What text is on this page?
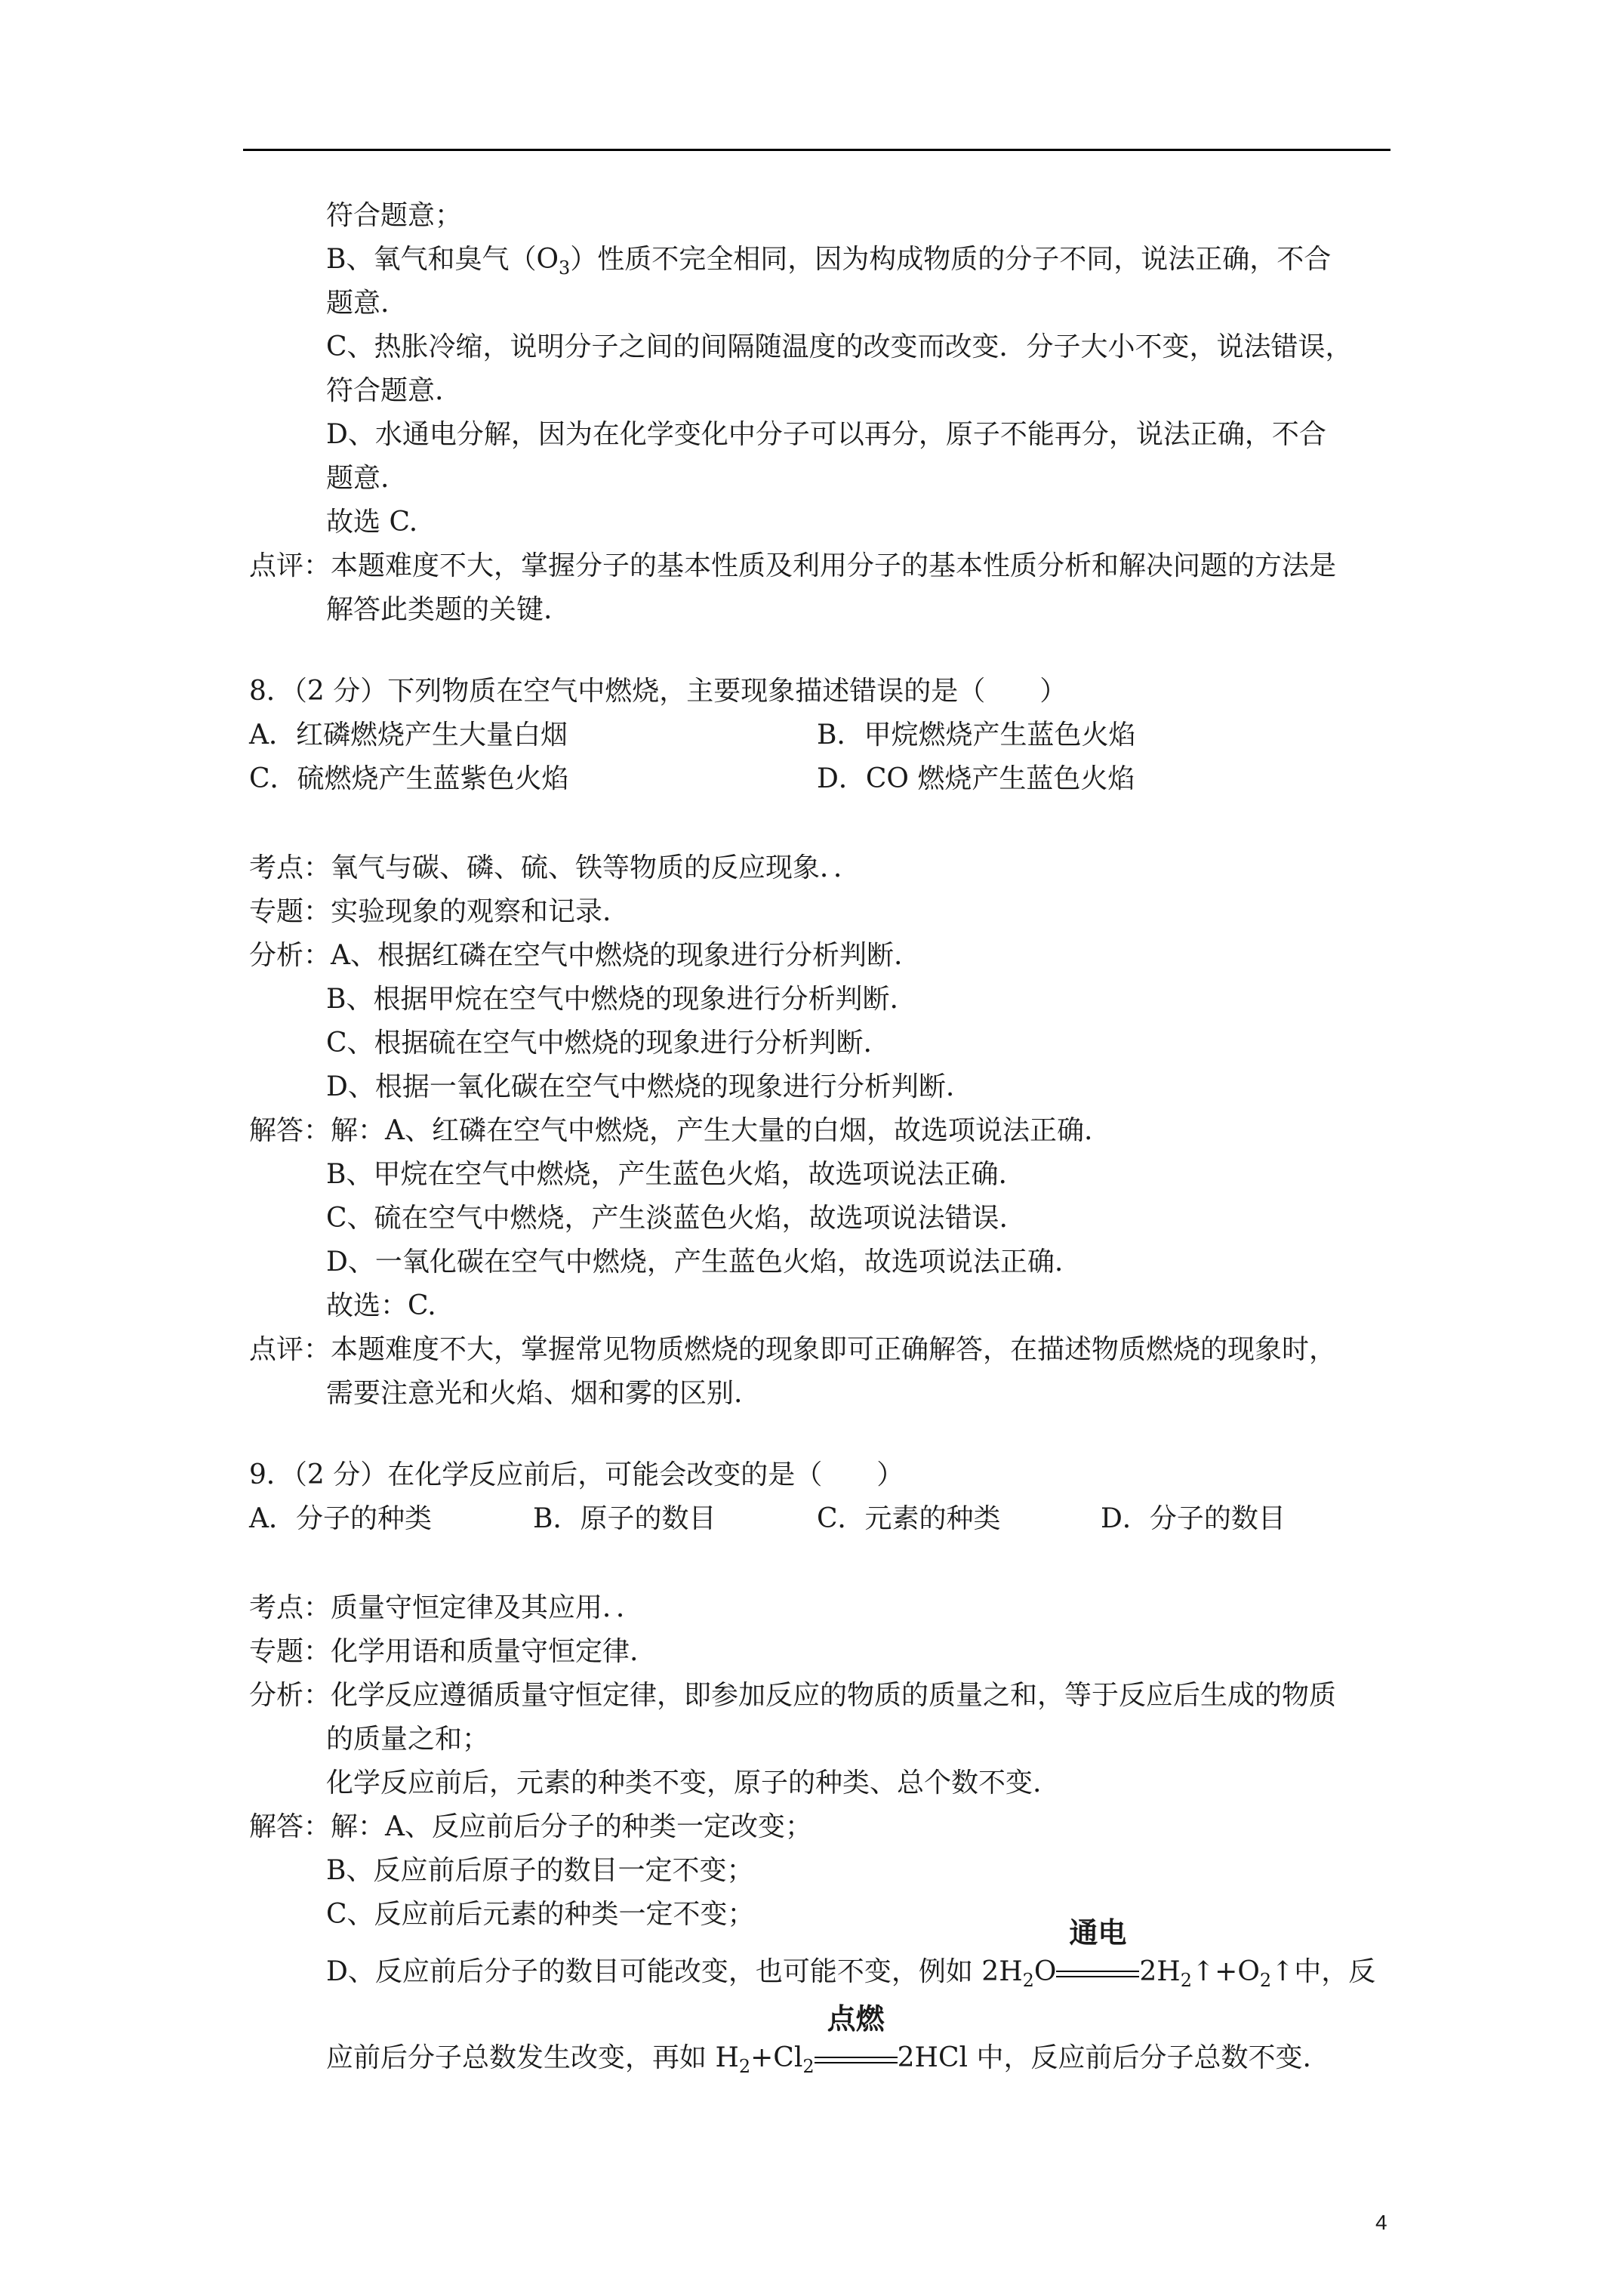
符合题意；
B、氧气和臭气$(O_3)$性质不完全相同，因为构成物质的分子不同，说法正确，不合
题意.
C、热胀冷缩，说明分子之间的间隔随温度的改变而改变．分子大小不变，说法错误，
符合题意.
D、水通电分解，因为在化学变化中分子可以再分，原子不能再分，说法正确，不合
题意.
故选 C.
点评：本题难度不大，掌握分子的基本性质及利用分子的基本性质分析和解决问题的方法是
解答此类题的关键.
8．（2 分）下列物质在空气中燃烧，主要现象描述错误的是（　　）
A．红磷燃烧产生大量白烟	B．甲烷燃烧产生蓝色火焰
C．硫燃烧产生蓝紫色火焰	D．CO 燃烧产生蓝色火焰
考点：氧气与碳、磷、硫、铁等物质的反应现象．．
专题：实验现象的观察和记录.
分析：A、根据红磷在空气中燃烧的现象进行分析判断.
B、根据甲烷在空气中燃烧的现象进行分析判断.
C、根据硫在空气中燃烧的现象进行分析判断.
D、根据一氧化碳在空气中燃烧的现象进行分析判断.
解答：解：A、红磷在空气中燃烧，产生大量的白烟，故选项说法正确.
B、甲烷在空气中燃烧，产生蓝色火焰，故选项说法正确.
C、硫在空气中燃烧，产生淡蓝色火焰，故选项说法错误.
D、一氧化碳在空气中燃烧，产生蓝色火焰，故选项说法正确.
故选：C.
点评：本题难度不大，掌握常见物质燃烧的现象即可正确解答，在描述物质燃烧的现象时，
需要注意光和火焰、烟和雾的区别.
9．（2 分）在化学反应前后，可能会改变的是（　　）
A．分子的种类	B．原子的数目	C．元素的种类	D．分子的数目
考点：质量守恒定律及其应用．．
专题：化学用语和质量守恒定律.
分析：化学反应遵循质量守恒定律，即参加反应的物质的质量之和，等于反应后生成的物质
的质量之和；
化学反应前后，元素的种类不变，原子的种类、总个数不变.
解答：解：A、反应前后分子的种类一定改变；
B、反应前后原子的数目一定不变；
C、反应前后元素的种类一定不变；
D、反应前后分子的数目可能改变，也可能不变，例如 $2H_2O$
通电
$2H_2↑+O_2↑$中，反
应前后分子总数发生改变，再如 $H_2+Cl_2$
点燃
2HCl 中，反应前后分子总数不变.
4
